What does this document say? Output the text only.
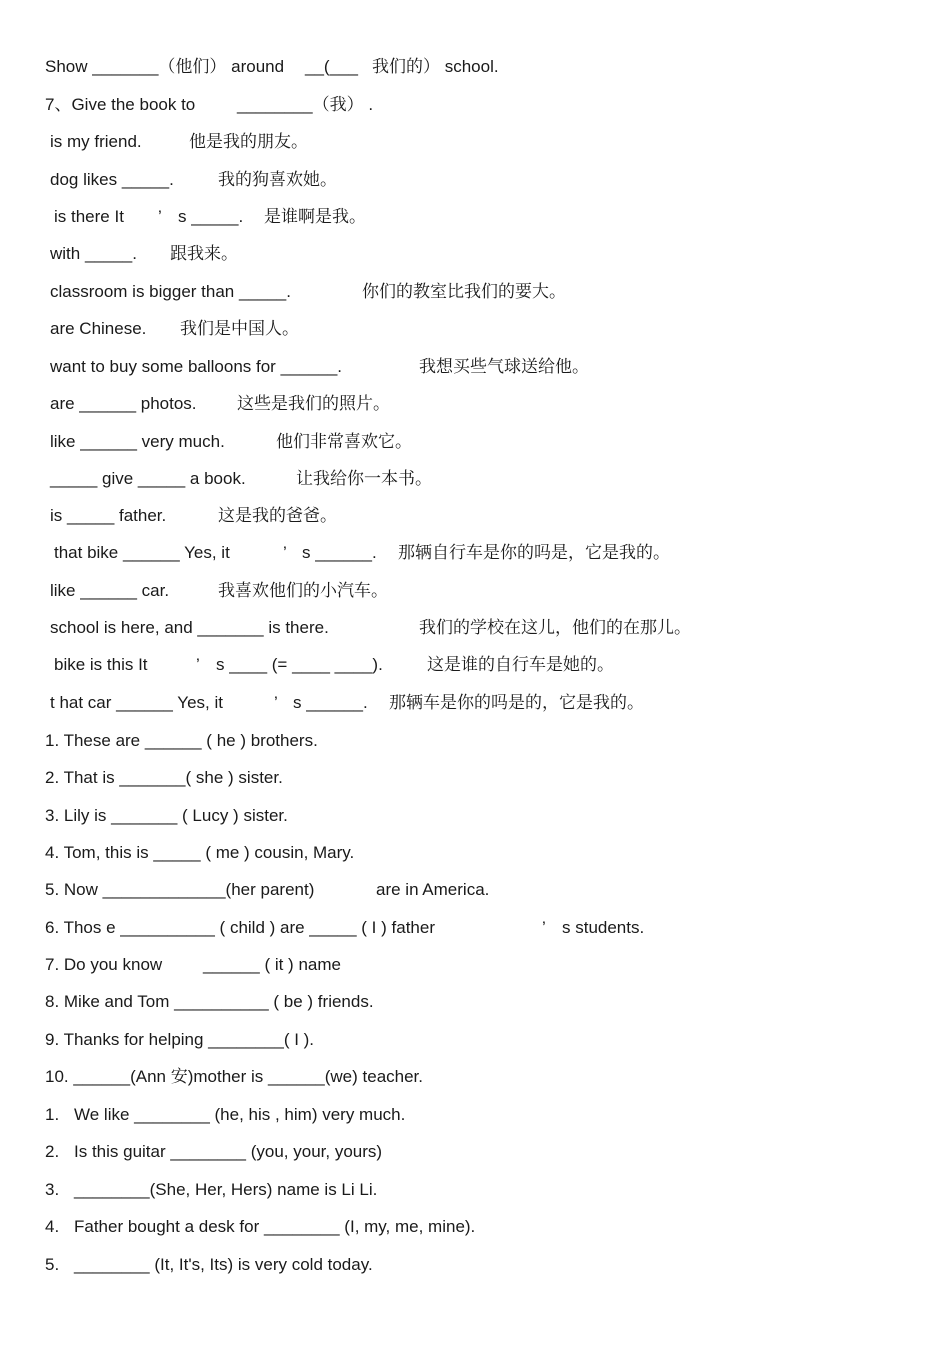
Show _______（他们） around __(___ 我们的） school.
7、Give the book to ________（我） .
is my friend.	他是我的朋友。
dog likes _____.	我的狗喜欢她。
is there It ’ s _____. 是谁啊是我。
with _____. 跟我来。
classroom is bigger than _____.	你们的教室比我们的要大。
are Chinese. 我们是中国人。
want to buy some balloons for ______.	我想买些气球送给他。
are ______ photos. 这些是我们的照片。
like ______ very much.	他们非常喜欢它。
_____ give _____ a book.	让我给你一本书。
is _____ father.	这是我的爸爸。
that bike ______ Yes, it	’ s ______. 那辆自行车是你的吗是，它是我的。
like ______ car.	我喜欢他们的小汽车。
school is here, and _______ is there.	我们的学校在这儿，他们的在那儿。
bike is this It	’ s ____ (= ____ ____).	这是谁的自行车是她的。
t hat car ______ Yes, it	’ s ______. 那辆车是你的吗是的，它是我的。
1. These are ______ ( he ) brothers.
2. That is _______( she ) sister.
3. Lily is _______ ( Lucy ) sister.
4. Tom, this is _____ ( me ) cousin, Mary.
5. Now _____________(her parent)	are in America.
6. Thos e __________ ( child ) are _____ ( I ) father	’ s students.
7. Do you know ______ ( it ) name
8. Mike and Tom __________ ( be ) friends.
9. Thanks for helping ________( I ).
10. ______(Ann 安)mother is ______(we) teacher.
1. We like ________ (he, his , him) very much.
2. Is this guitar ________ (you, your, yours)
3. ________(She, Her, Hers) name is Li Li.
4. Father bought a desk for ________ (I, my, me, mine).
5. ________ (It, It's, Its) is very cold today.
